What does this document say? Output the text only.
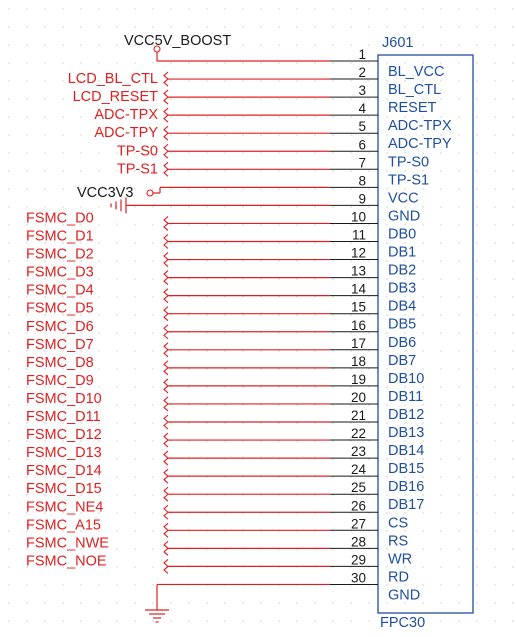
J601
FPC30
VCC5V_BOOST
VCC3V3
1
BL_VCC
2
BL_CTL
3
RESET
4
ADC-TPX
5
ADC-TPY
6
TP-S0
7
TP-S1
8
VCC
9
GND
10
DB0
11
DB1
12
DB2
13
DB3
14
DB4
15
DB5
16
DB6
17
DB7
18
DB10
19
DB11
20
DB12
21
DB13
22
DB14
23
DB15
24
DB16
25
DB17
26
CS
27
RS
28
WR
29
RD
30
GND
LCD_BL_CTL
LCD_RESET
ADC-TPX
ADC-TPY
TP-S0
TP-S1
FSMC_D0
FSMC_D1
FSMC_D2
FSMC_D3
FSMC_D4
FSMC_D5
FSMC_D6
FSMC_D7
FSMC_D8
FSMC_D9
FSMC_D10
FSMC_D11
FSMC_D12
FSMC_D13
FSMC_D14
FSMC_D15
FSMC_NE4
FSMC_A15
FSMC_NWE
FSMC_NOE
